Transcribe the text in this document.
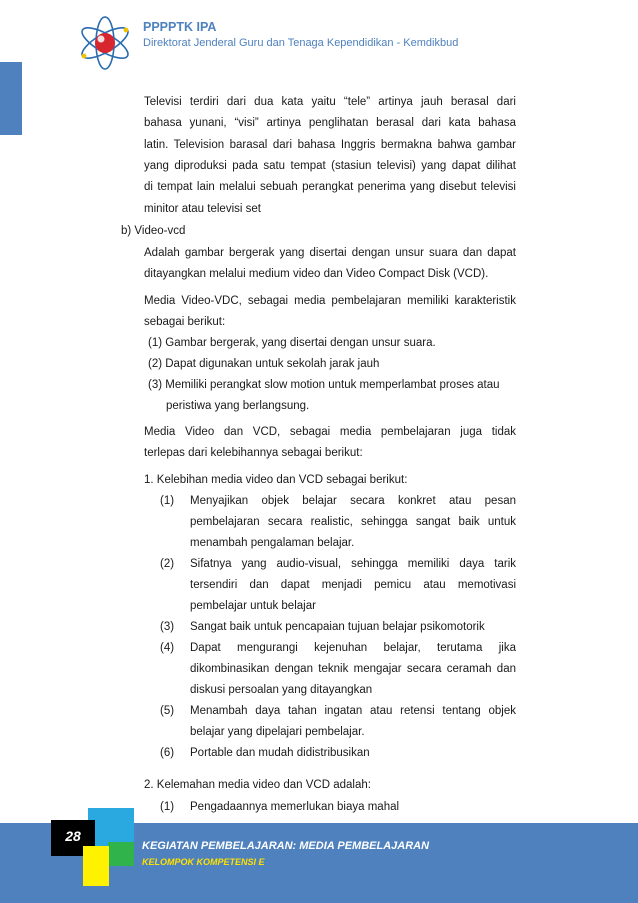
PPPPTK IPA
Direktorat Jenderal Guru dan Tenaga Kependidikan - Kemdikbud
Televisi terdiri dari dua kata yaitu “tele” artinya jauh berasal dari
bahasa yunani, “visi” artinya penglihatan berasal dari kata bahasa
latin. Television barasal dari bahasa Inggris bermakna bahwa gambar
yang diproduksi pada satu tempat (stasiun televisi) yang dapat dilihat
di tempat lain melalui sebuah perangkat penerima yang disebut televisi
minitor atau televisi set
b) Video-vcd
Adalah gambar bergerak yang disertai dengan unsur suara dan dapat
ditayangkan melalui medium video dan Video Compact Disk (VCD).
Media Video-VDC, sebagai media pembelajaran memiliki karakteristik
sebagai berikut:
(1) Gambar bergerak, yang disertai dengan unsur suara.
(2) Dapat digunakan untuk sekolah jarak jauh
(3) Memiliki perangkat slow motion untuk memperlambat proses atau
peristiwa yang berlangsung.
Media Video dan VCD, sebagai media pembelajaran juga tidak
terlepas dari kelebihannya sebagai berikut:
1. Kelebihan media video dan VCD sebagai berikut:
(1) Menyajikan objek belajar secara konkret atau pesan
pembelajaran secara realistic, sehingga sangat baik untuk
menambah pengalaman belajar.
(2) Sifatnya yang audio-visual, sehingga memiliki daya tarik
tersendiri dan dapat menjadi pemicu atau memotivasi
pembelajar untuk belajar
(3) Sangat baik untuk pencapaian tujuan belajar psikomotorik
(4) Dapat mengurangi kejenuhan belajar, terutama jika
dikombinasikan dengan teknik mengajar secara ceramah dan
diskusi persoalan yang ditayangkan
(5) Menambah daya tahan ingatan atau retensi tentang objek
belajar yang dipelajari pembelajar.
(6) Portable dan mudah didistribusikan
2. Kelemahan media video dan VCD adalah:
(1) Pengadaannya memerlukan biaya mahal
28
KEGIATAN PEMBELAJARAN: MEDIA PEMBELAJARAN
KELOMPOK KOMPETENSI E
